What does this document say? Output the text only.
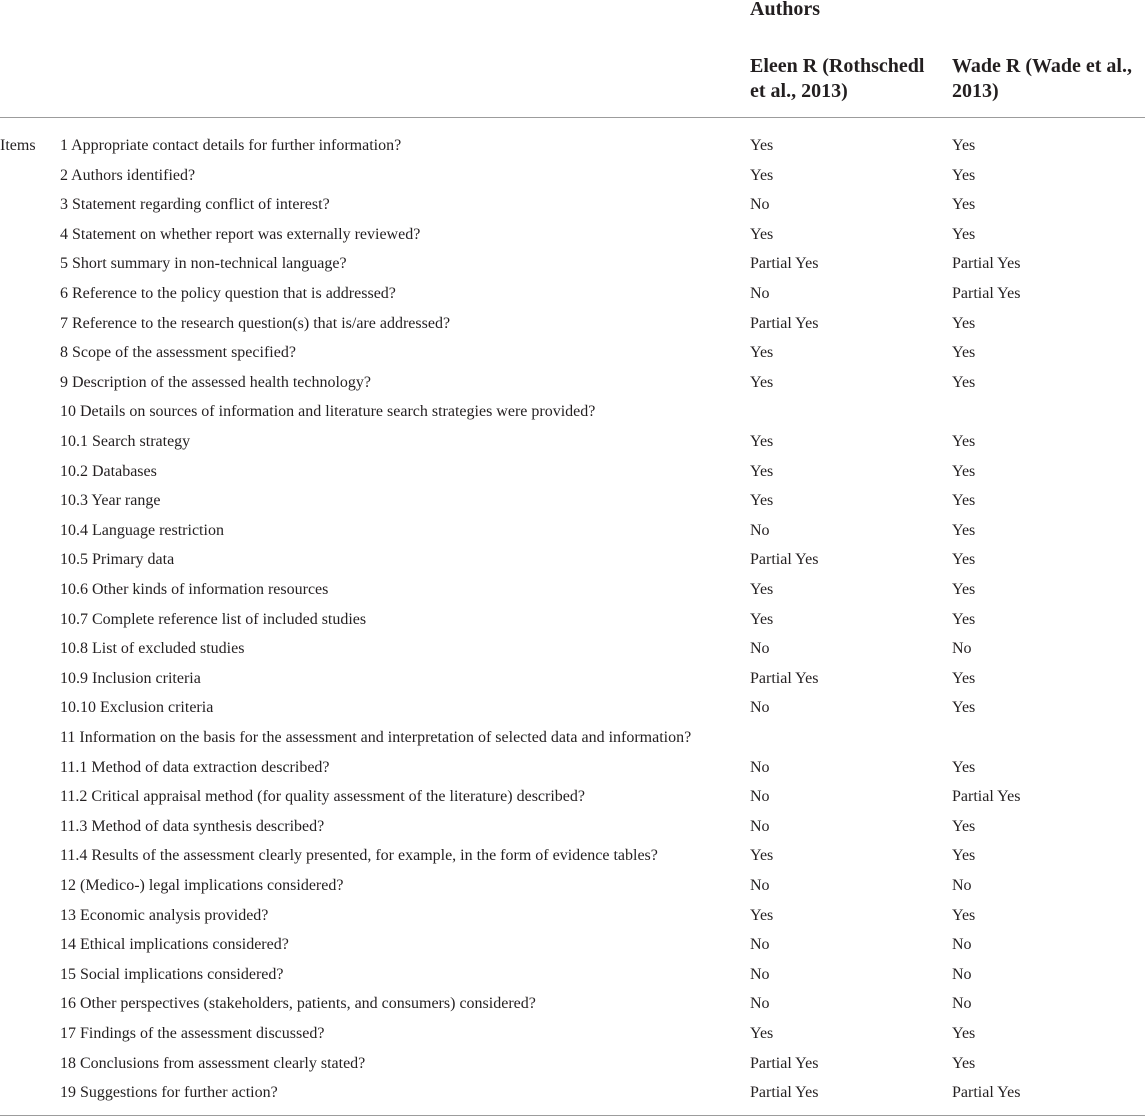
Authors
Eleen R (Rothschedl et al., 2013)
Wade R (Wade et al., 2013)
Items 1 Appropriate contact details for further information?	Yes	Yes
2 Authors identified?	Yes	Yes
3 Statement regarding conflict of interest?	No	Yes
4 Statement on whether report was externally reviewed?	Yes	Yes
5 Short summary in non-technical language?	Partial Yes	Partial Yes
6 Reference to the policy question that is addressed?	No	Partial Yes
7 Reference to the research question(s) that is/are addressed?	Partial Yes	Yes
8 Scope of the assessment specified?	Yes	Yes
9 Description of the assessed health technology?	Yes	Yes
10 Details on sources of information and literature search strategies were provided?
10.1 Search strategy	Yes	Yes
10.2 Databases	Yes	Yes
10.3 Year range	Yes	Yes
10.4 Language restriction	No	Yes
10.5 Primary data	Partial Yes	Yes
10.6 Other kinds of information resources	Yes	Yes
10.7 Complete reference list of included studies	Yes	Yes
10.8 List of excluded studies	No	No
10.9 Inclusion criteria	Partial Yes	Yes
10.10 Exclusion criteria	No	Yes
11 Information on the basis for the assessment and interpretation of selected data and information?
11.1 Method of data extraction described?	No	Yes
11.2 Critical appraisal method (for quality assessment of the literature) described?	No	Partial Yes
11.3 Method of data synthesis described?	No	Yes
11.4 Results of the assessment clearly presented, for example, in the form of evidence tables?	Yes	Yes
12 (Medico-) legal implications considered?	No	No
13 Economic analysis provided?	Yes	Yes
14 Ethical implications considered?	No	No
15 Social implications considered?	No	No
16 Other perspectives (stakeholders, patients, and consumers) considered?	No	No
17 Findings of the assessment discussed?	Yes	Yes
18 Conclusions from assessment clearly stated?	Partial Yes	Yes
19 Suggestions for further action?	Partial Yes	Partial Yes
